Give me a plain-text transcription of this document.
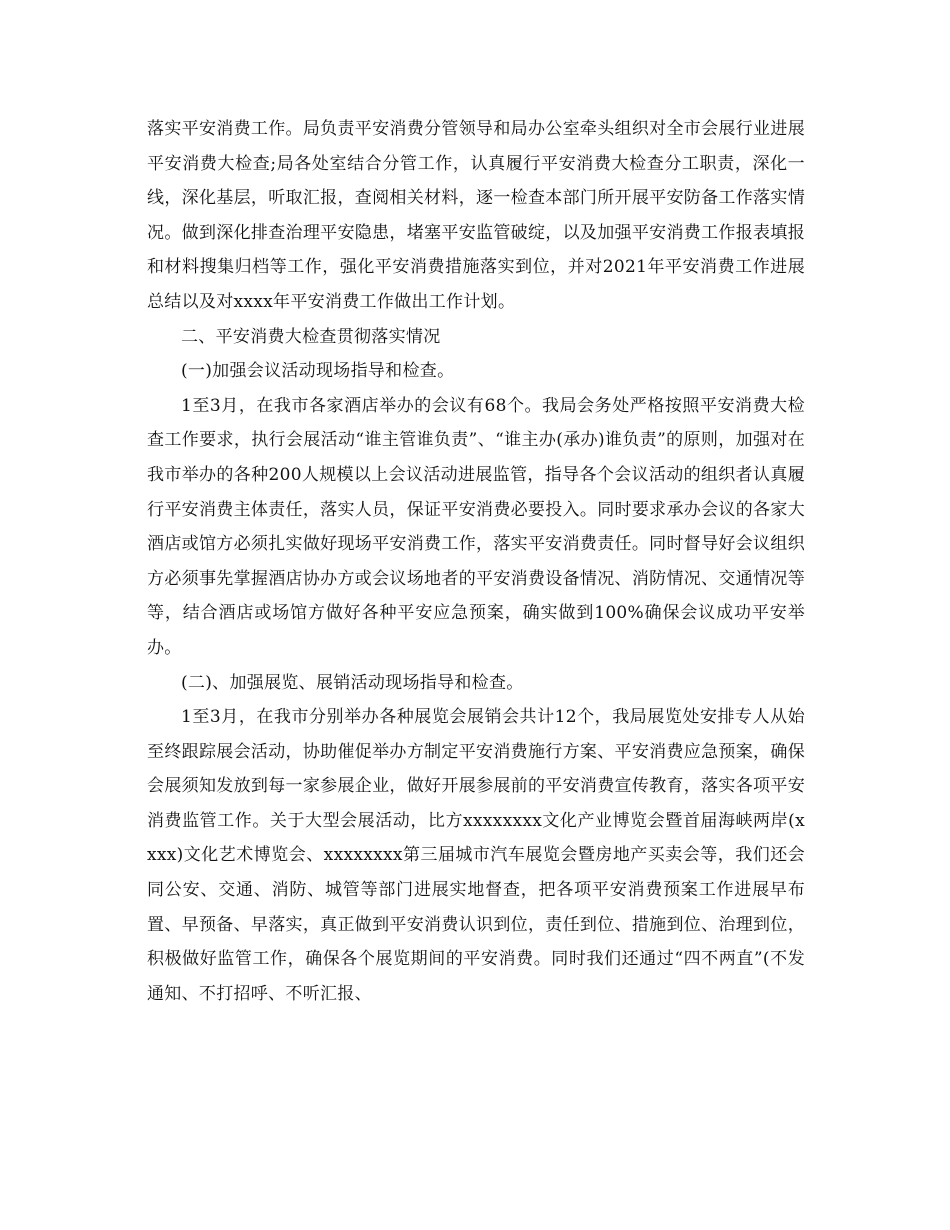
落实平安消费工作。局负责平安消费分管领导和局办公室牵头组织对全市会展行业进展平安消费大检查;局各处室结合分管工作，认真履行平安消费大检查分工职责，深化一线，深化基层，听取汇报，查阅相关材料，逐一检查本部门所开展平安防备工作落实情况。做到深化排查治理平安隐患，堵塞平安监管破绽，以及加强平安消费工作报表填报和材料搜集归档等工作，强化平安消费措施落实到位，并对2021年平安消费工作进展总结以及对xxxx年平安消费工作做出工作计划。

二、平安消费大检查贯彻落实情况

(一)加强会议活动现场指导和检查。

1至3月，在我市各家酒店举办的会议有68个。我局会务处严格按照平安消费大检查工作要求，执行会展活动“谁主管谁负责”、“谁主办(承办)谁负责”的原则，加强对在我市举办的各种200人规模以上会议活动进展监管，指导各个会议活动的组织者认真履行平安消费主体责任，落实人员，保证平安消费必要投入。同时要求承办会议的各家大酒店或馆方必须扎实做好现场平安消费工作，落实平安消费责任。同时督导好会议组织方必须事先掌握酒店协办方或会议场地者的平安消费设备情况、消防情况、交通情况等等，结合酒店或场馆方做好各种平安应急预案，确实做到100%确保会议成功平安举办。

(二)、加强展览、展销活动现场指导和检查。

1至3月，在我市分别举办各种展览会展销会共计12个，我局展览处安排专人从始至终跟踪展会活动，协助催促举办方制定平安消费施行方案、平安消费应急预案，确保会展须知发放到每一家参展企业，做好开展参展前的平安消费宣传教育，落实各项平安消费监管工作。关于大型会展活动，比方xxxxxxxx文化产业博览会暨首届海峡两岸(xxxx)文化艺术博览会、xxxxxxxx第三届城市汽车展览会暨房地产买卖会等，我们还会同公安、交通、消防、城管等部门进展实地督查，把各项平安消费预案工作进展早布置、早预备、早落实，真正做到平安消费认识到位，责任到位、措施到位、治理到位，积极做好监管工作，确保各个展览期间的平安消费。同时我们还通过“四不两直”(不发通知、不打招呼、不听汇报、
